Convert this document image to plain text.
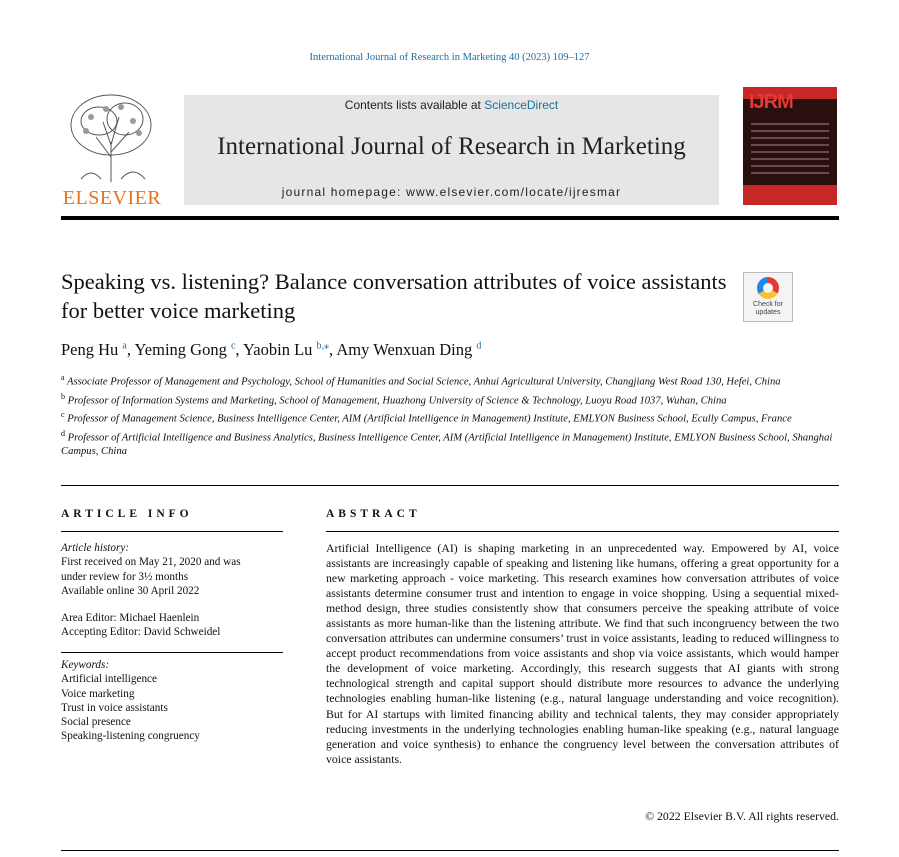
International Journal of Research in Marketing 40 (2023) 109–127
ELSEVIER
Contents lists available at ScienceDirect
International Journal of Research in Marketing
journal homepage: www.elsevier.com/locate/ijresmar
IJRM
Speaking vs. listening? Balance conversation attributes of voice assistants for better voice marketing	Check for updates
Peng Hu $^a$, Yeming Gong $^c$, Yaobin Lu $^{b,⁎}$, Amy Wenxuan Ding $^d$

$^a$ Associate Professor of Management and Psychology, School of Humanities and Social Science, Anhui Agricultural University, Changjiang West Road 130, Hefei, China

$^b$ Professor of Information Systems and Marketing, School of Management, Huazhong University of Science & Technology, Luoyu Road 1037, Wuhan, China

$^c$ Professor of Management Science, Business Intelligence Center, AIM (Artificial Intelligence in Management) Institute, EMLYON Business School, Ecully Campus, France

$^d$ Professor of Artificial Intelligence and Business Analytics, Business Intelligence Center, AIM (Artificial Intelligence in Management) Institute, EMLYON Business School, Shanghai Campus, China

ARTICLE INFO	ABSTRACT
Article history:
First received on May 21, 2020 and was
under review for 3½ months
Available online 30 April 2022
Area Editor: Michael Haenlein
Accepting Editor: David Schweidel
Keywords:
Artificial intelligence
Voice marketing
Trust in voice assistants
Social presence
Speaking-listening congruency
Artificial Intelligence (AI) is shaping marketing in an unprecedented way. Empowered by AI, voice assistants are increasingly capable of speaking and listening like humans, offering a great opportunity for a new marketing approach - voice marketing. This research examines how conversation attributes of voice assistants determine consumer trust and intention to engage in voice shopping. Using a sequential mixed-method design, three studies consistently show that consumers perceive the speaking attribute of voice assistants as more human-like than the listening attribute. We find that such incongruency between the two conversation attributes can undermine consumers’ trust in voice assistants, leading to reduced willingness to accept product recommendations from voice assistants and shop via voice assistants, which would hamper the development of voice marketing. Accordingly, this research suggests that AI giants with strong technological strength and capital support should distribute more resources to advance the underlying technologies enabling human-like listening (e.g., natural language understanding and voice recognition). But for AI startups with limited financing ability and technical talents, they may consider appropriately reducing investments in the underlying technologies enabling human-like speaking (e.g., natural language generation and voice synthesis) to enhance the congruency level between the conversation attributes of voice assistants.
© 2022 Elsevier B.V. All rights reserved.
